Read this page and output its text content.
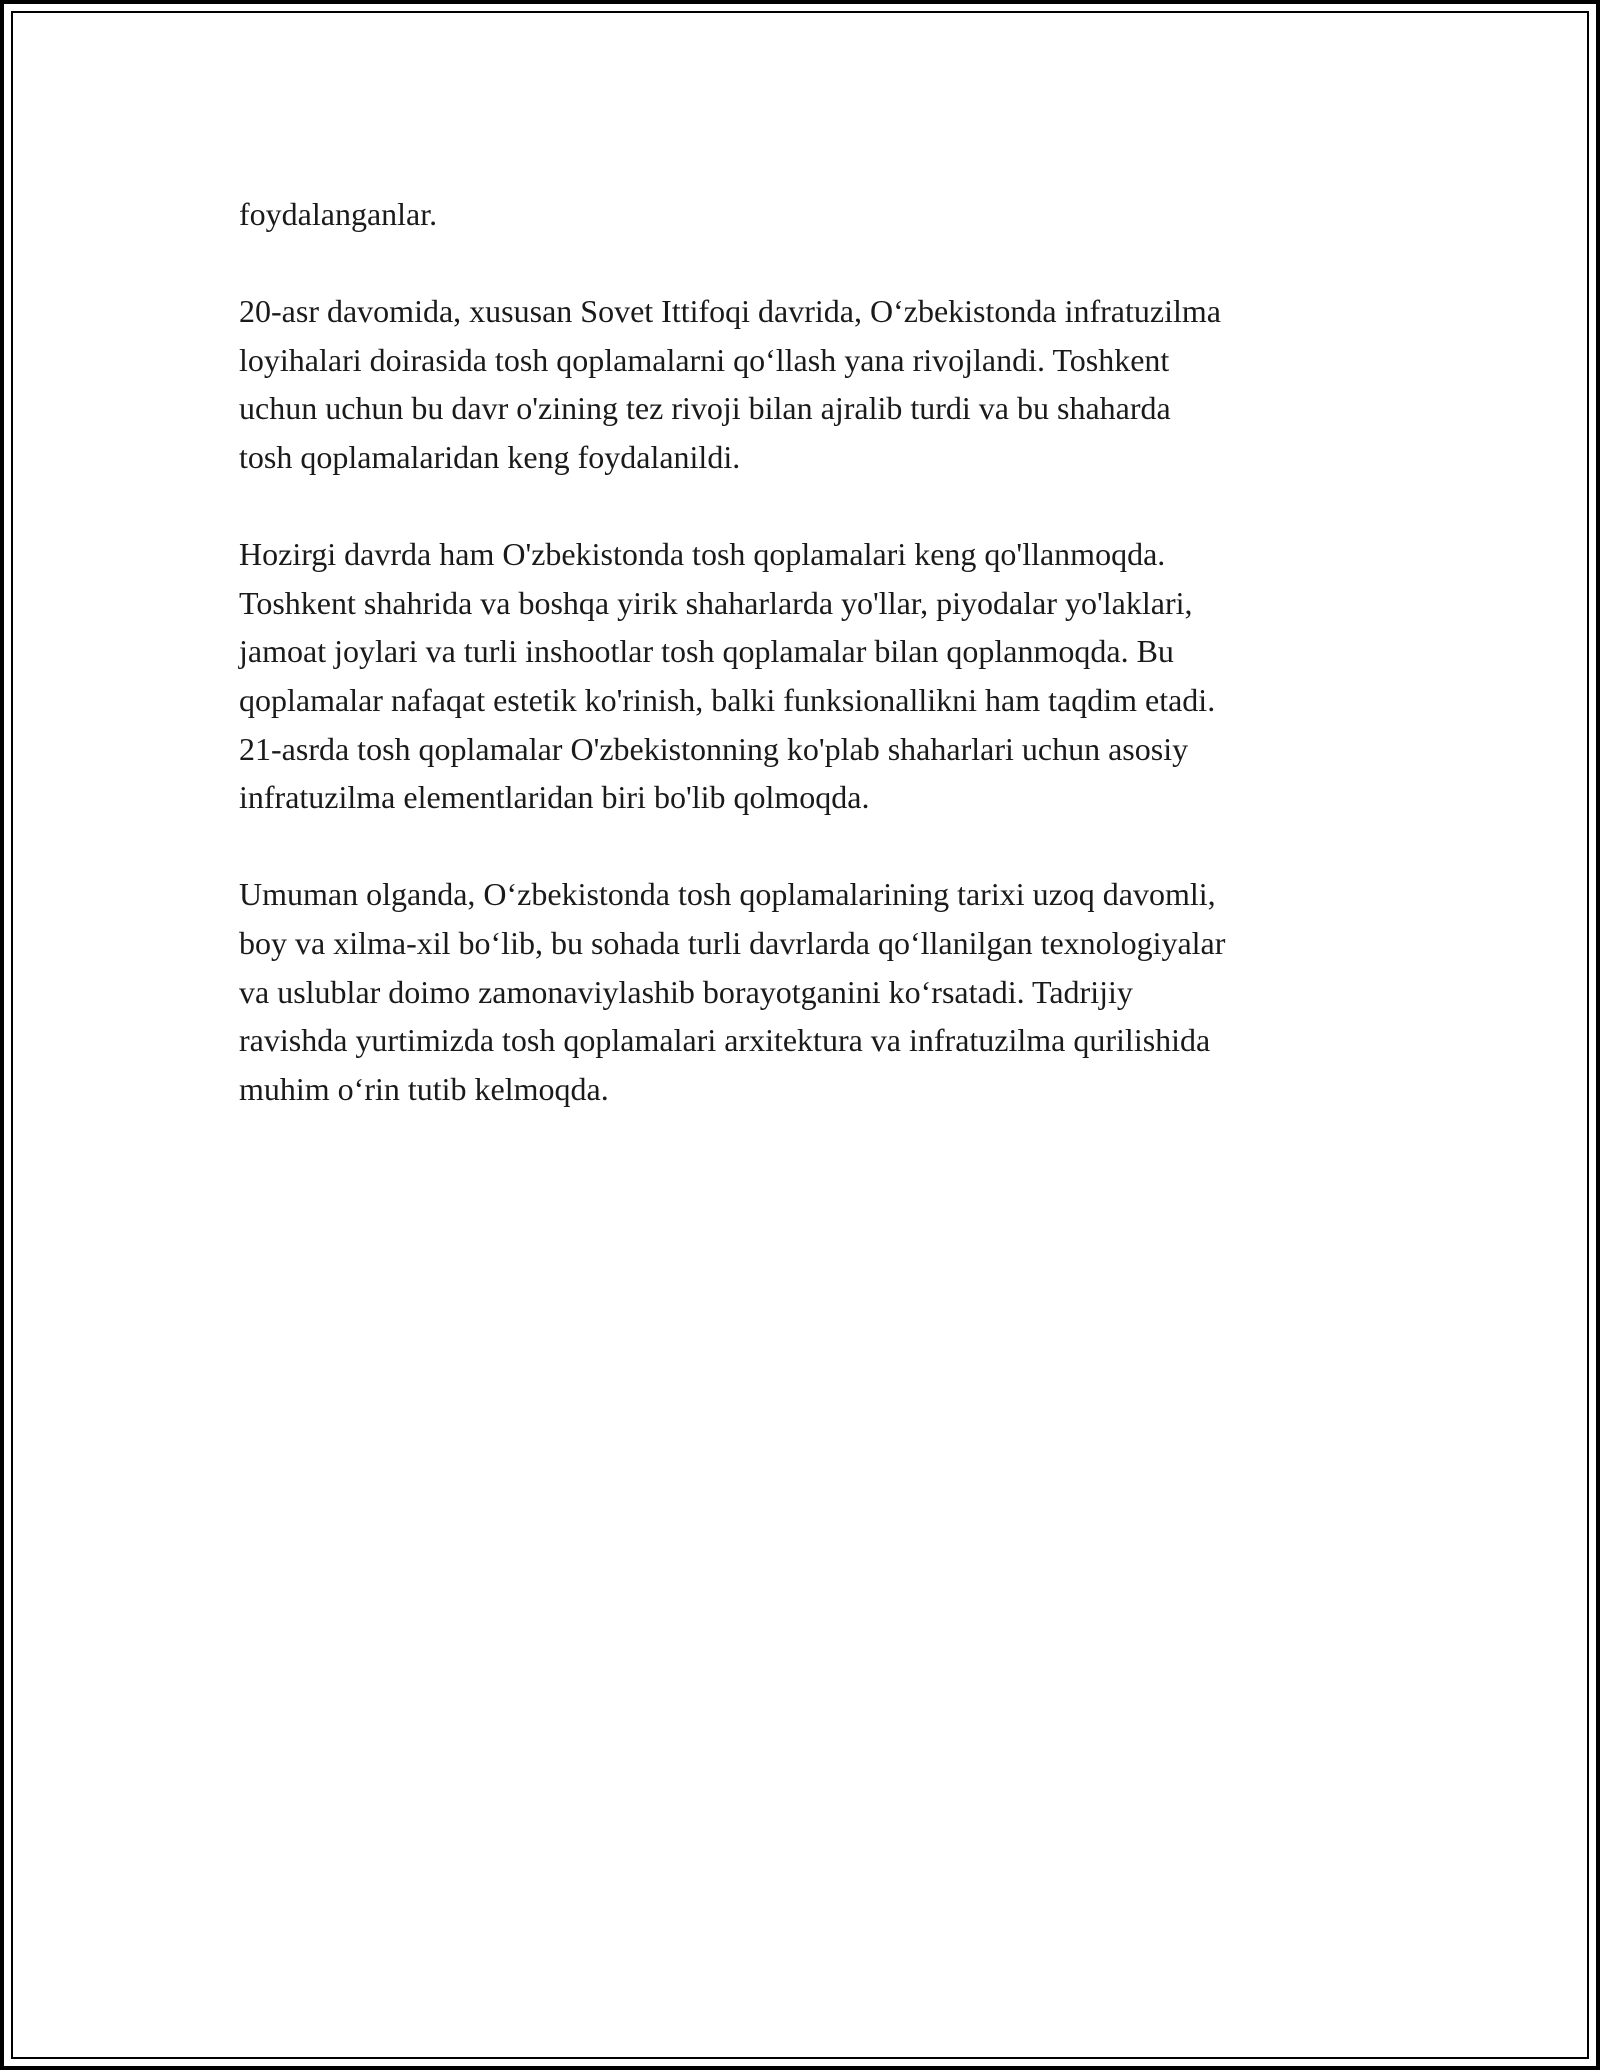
foydalanganlar.

20-asr davomida, xususan Sovet Ittifoqi davrida, O‘zbekistonda infratuzilma
loyihalari doirasida tosh qoplamalarni qo‘llash yana rivojlandi. Toshkent
uchun uchun bu davr o'zining tez rivoji bilan ajralib turdi va bu shaharda
tosh qoplamalaridan keng foydalanildi.

Hozirgi davrda ham O'zbekistonda tosh qoplamalari keng qo'llanmoqda.
Toshkent shahrida va boshqa yirik shaharlarda yo'llar, piyodalar yo'laklari,
jamoat joylari va turli inshootlar tosh qoplamalar bilan qoplanmoqda. Bu
qoplamalar nafaqat estetik ko'rinish, balki funksionallikni ham taqdim etadi.
21-asrda tosh qoplamalar O'zbekistonning ko'plab shaharlari uchun asosiy
infratuzilma elementlaridan biri bo'lib qolmoqda.

Umuman olganda, O‘zbekistonda tosh qoplamalarining tarixi uzoq davomli,
boy va xilma-xil bo‘lib, bu sohada turli davrlarda qo‘llanilgan texnologiyalar
va uslublar doimo zamonaviylashib borayotganini ko‘rsatadi. Tadrijiy
ravishda yurtimizda tosh qoplamalari arxitektura va infratuzilma qurilishida
muhim o‘rin tutib kelmoqda.
